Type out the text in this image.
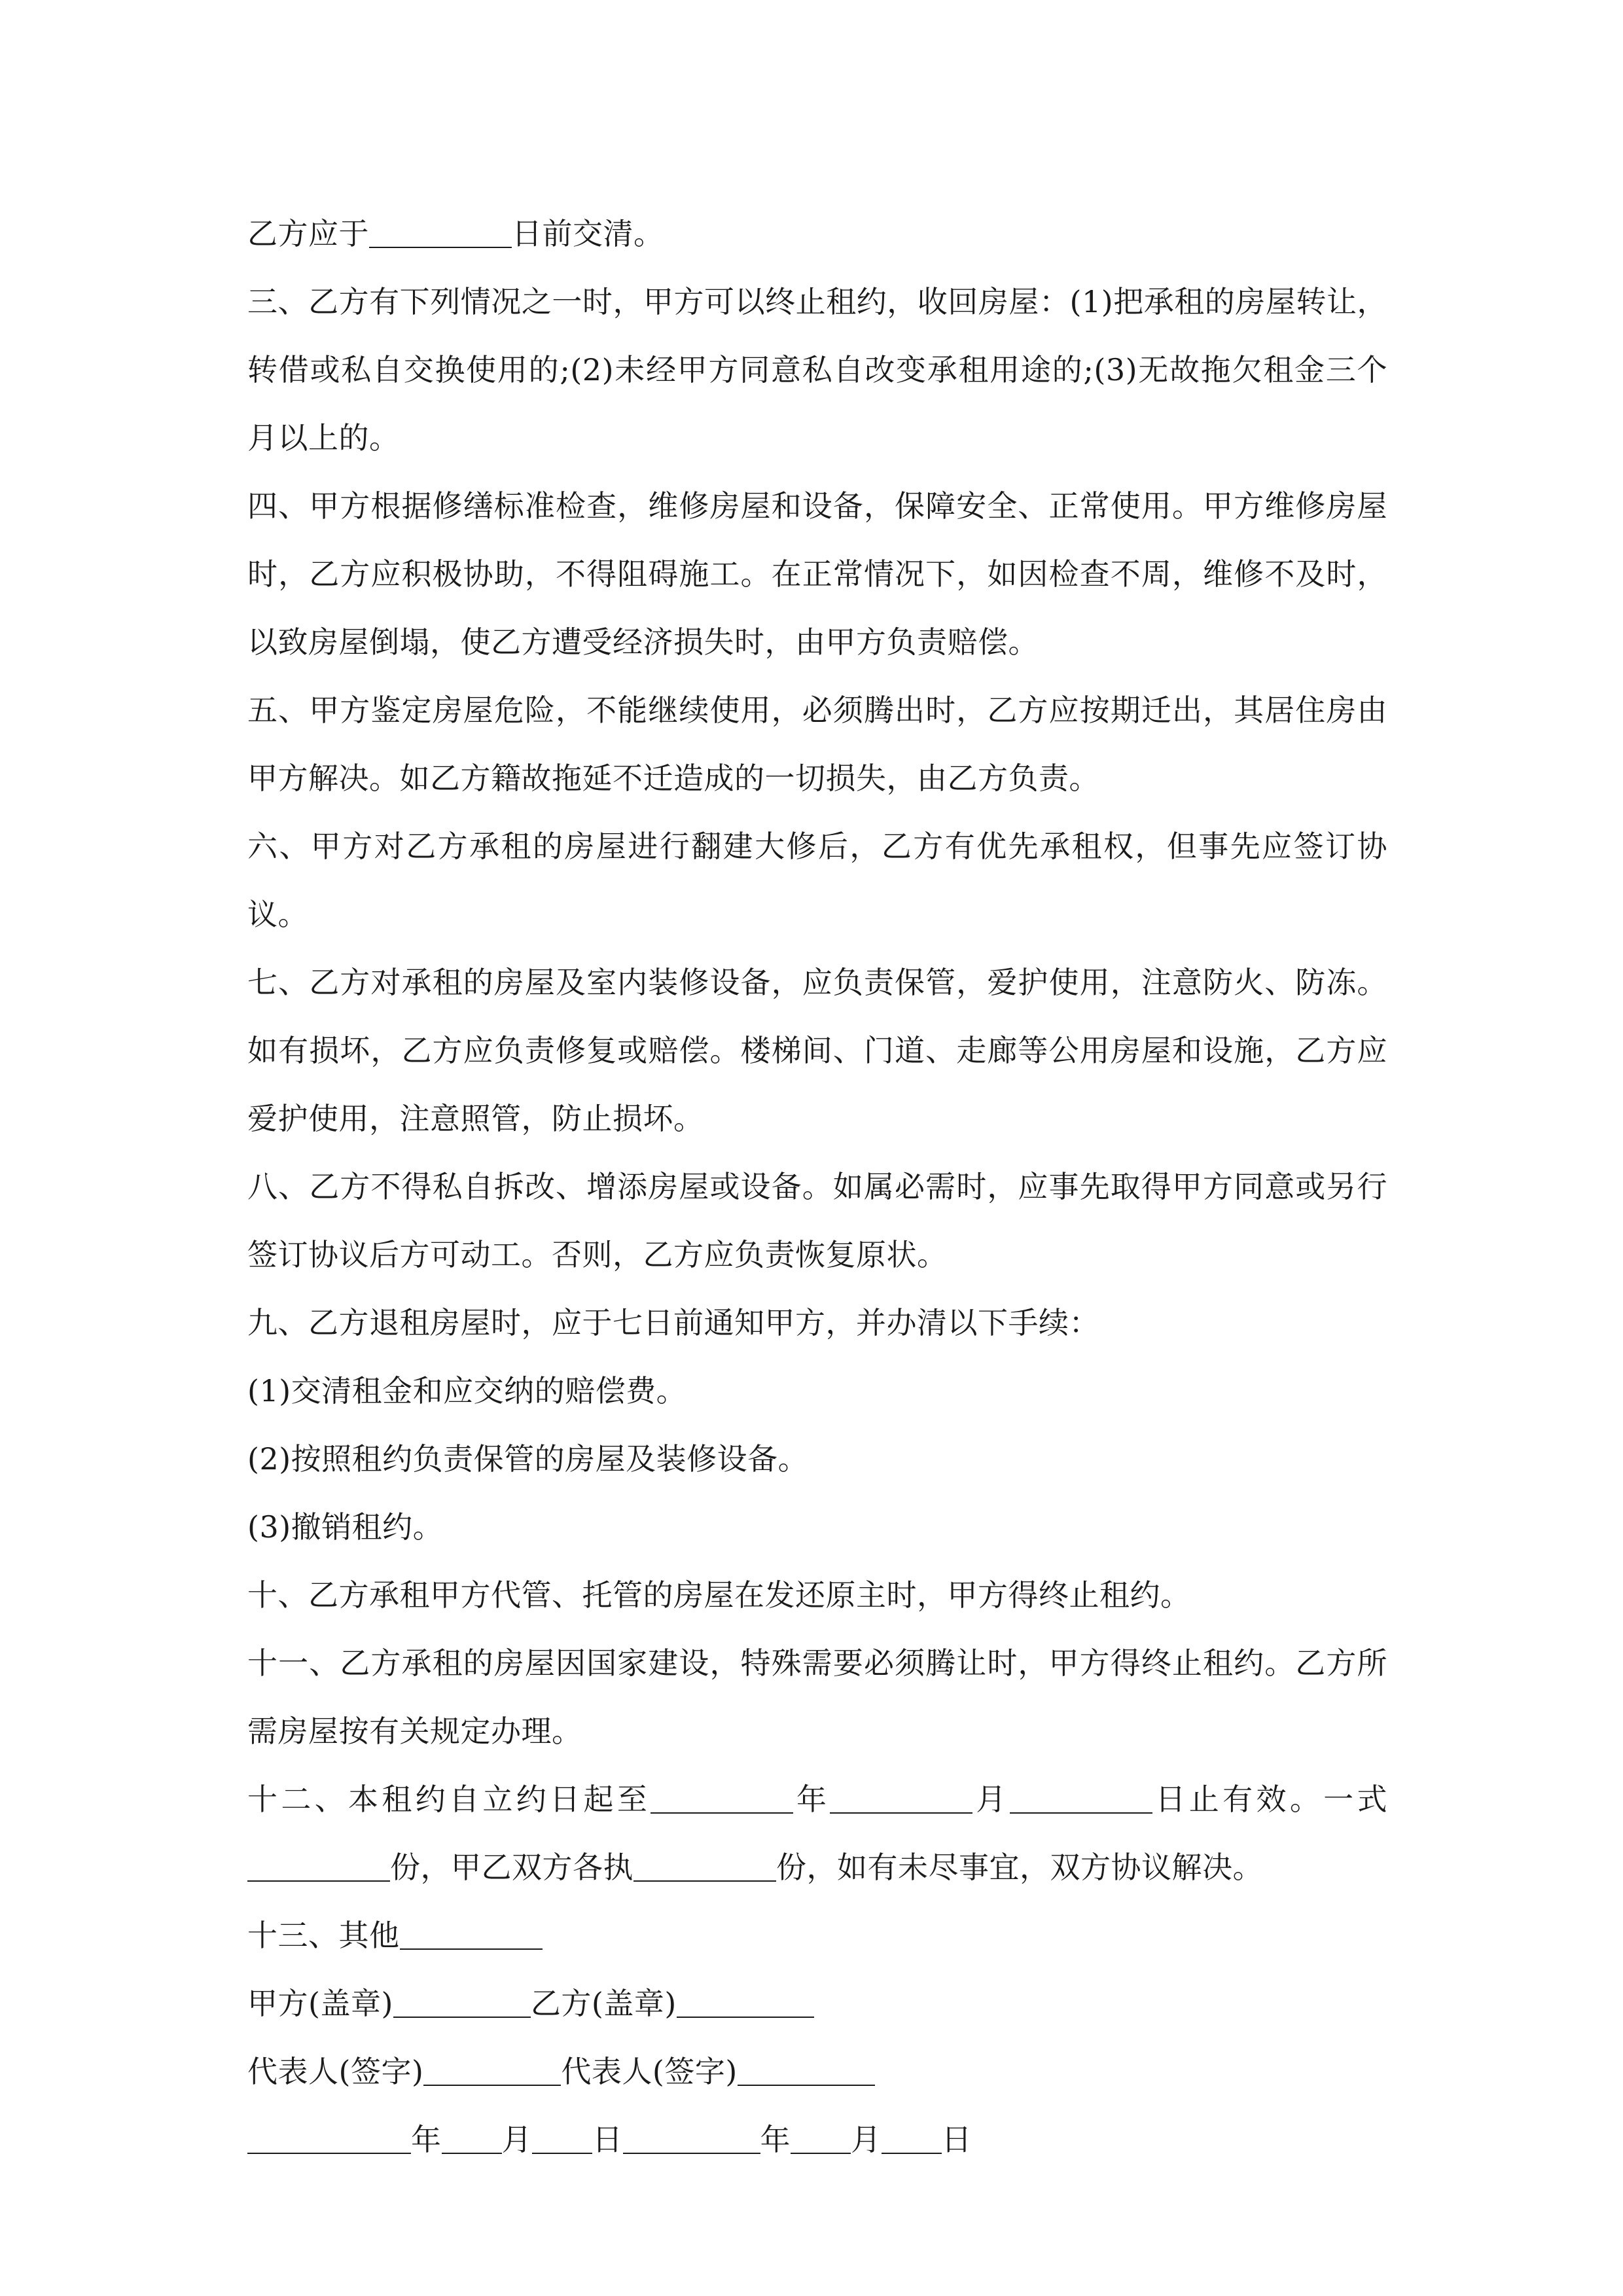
乙方应于	日前交清。

三、乙方有下列情况之一时，甲方可以终止租约，收回房屋：(1)把承租的房屋转让，转借或私自交换使用的;(2)未经甲方同意私自改变承租用途的;(3)无故拖欠租金三个月以上的。

四、甲方根据修缮标准检查，维修房屋和设备，保障安全、正常使用。甲方维修房屋时，乙方应积极协助，不得阻碍施工。在正常情况下，如因检查不周，维修不及时，以致房屋倒塌，使乙方遭受经济损失时，由甲方负责赔偿。

五、甲方鉴定房屋危险，不能继续使用，必须腾出时，乙方应按期迁出，其居住房由甲方解决。如乙方籍故拖延不迁造成的一切损失，由乙方负责。

六、甲方对乙方承租的房屋进行翻建大修后，乙方有优先承租权，但事先应签订协议。

七、乙方对承租的房屋及室内装修设备，应负责保管，爱护使用，注意防火、防冻。如有损坏，乙方应负责修复或赔偿。楼梯间、门道、走廊等公用房屋和设施，乙方应爱护使用，注意照管，防止损坏。

八、乙方不得私自拆改、增添房屋或设备。如属必需时，应事先取得甲方同意或另行签订协议后方可动工。否则，乙方应负责恢复原状。

九、乙方退租房屋时，应于七日前通知甲方，并办清以下手续：

(1)交清租金和应交纳的赔偿费。

(2)按照租约负责保管的房屋及装修设备。

(3)撤销租约。

十、乙方承租甲方代管、托管的房屋在发还原主时，甲方得终止租约。

十一、乙方承租的房屋因国家建设，特殊需要必须腾让时，甲方得终止租约。乙方所需房屋按有关规定办理。

十二、本租约自立约日起至	年	月	日止有效。一式份，甲乙双方各执	份，如有未尽事宜，双方协议解决。

十三、其他

甲方(盖章)	乙方(盖章)

代表人(签字)	代表人(签字)

年 月 日	年 月 日
